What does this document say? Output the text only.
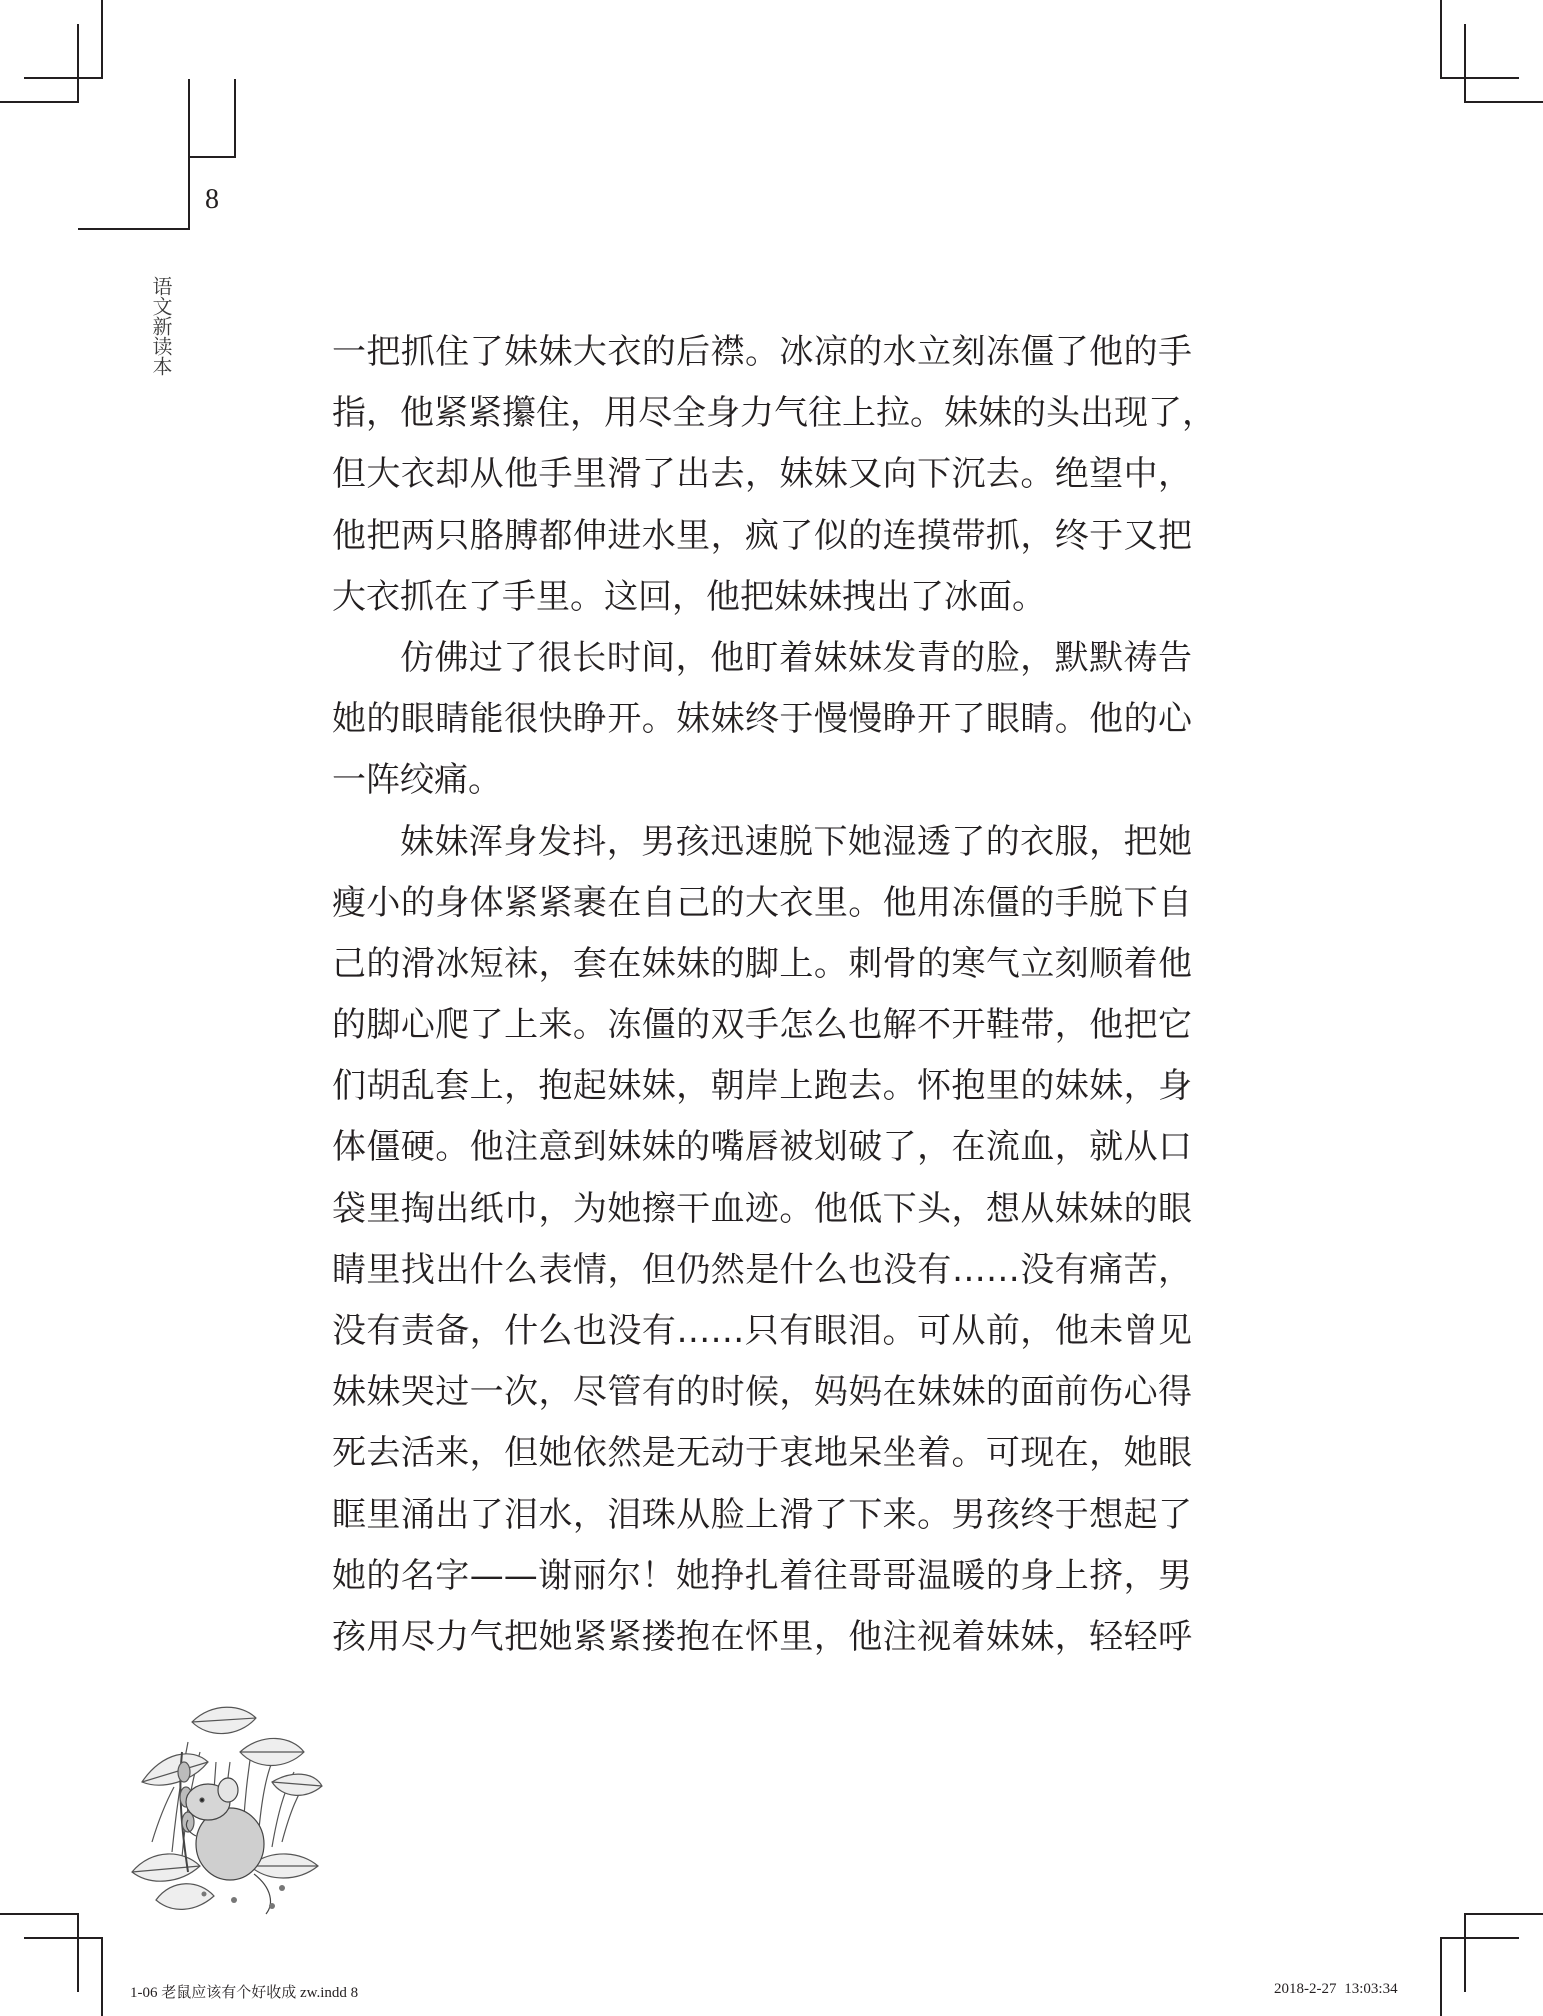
8
语文新读本	一把抓住了妹妹大衣的后襟。冰凉的水立刻冻僵了他的手
指，他紧紧攥住，用尽全身力气往上拉。妹妹的头出现了，
但大衣却从他手里滑了出去，妹妹又向下沉去。绝望中，
他把两只胳膊都伸进水里，疯了似的连摸带抓，终于又把
大衣抓在了手里。这回，他把妹妹拽出了冰面。
仿佛过了很长时间，他盯着妹妹发青的脸，默默祷告
她的眼睛能很快睁开。妹妹终于慢慢睁开了眼睛。他的心
一阵绞痛。
妹妹浑身发抖，男孩迅速脱下她湿透了的衣服，把她
瘦小的身体紧紧裹在自己的大衣里。他用冻僵的手脱下自
己的滑冰短袜，套在妹妹的脚上。刺骨的寒气立刻顺着他
的脚心爬了上来。冻僵的双手怎么也解不开鞋带，他把它
们胡乱套上，抱起妹妹，朝岸上跑去。怀抱里的妹妹，身
体僵硬。他注意到妹妹的嘴唇被划破了，在流血，就从口
袋里掏出纸巾，为她擦干血迹。他低下头，想从妹妹的眼
睛里找出什么表情，但仍然是什么也没有……没有痛苦，
没有责备，什么也没有……只有眼泪。可从前，他未曾见
妹妹哭过一次，尽管有的时候，妈妈在妹妹的面前伤心得
死去活来，但她依然是无动于衷地呆坐着。可现在，她眼
眶里涌出了泪水，泪珠从脸上滑了下来。男孩终于想起了
她的名字——谢丽尔！她挣扎着往哥哥温暖的身上挤，男
孩用尽力气把她紧紧搂抱在怀里，他注视着妹妹，轻轻呼
1-06 老鼠应该有个好收成 zw.indd 8	2018-2-27 13:03:34
